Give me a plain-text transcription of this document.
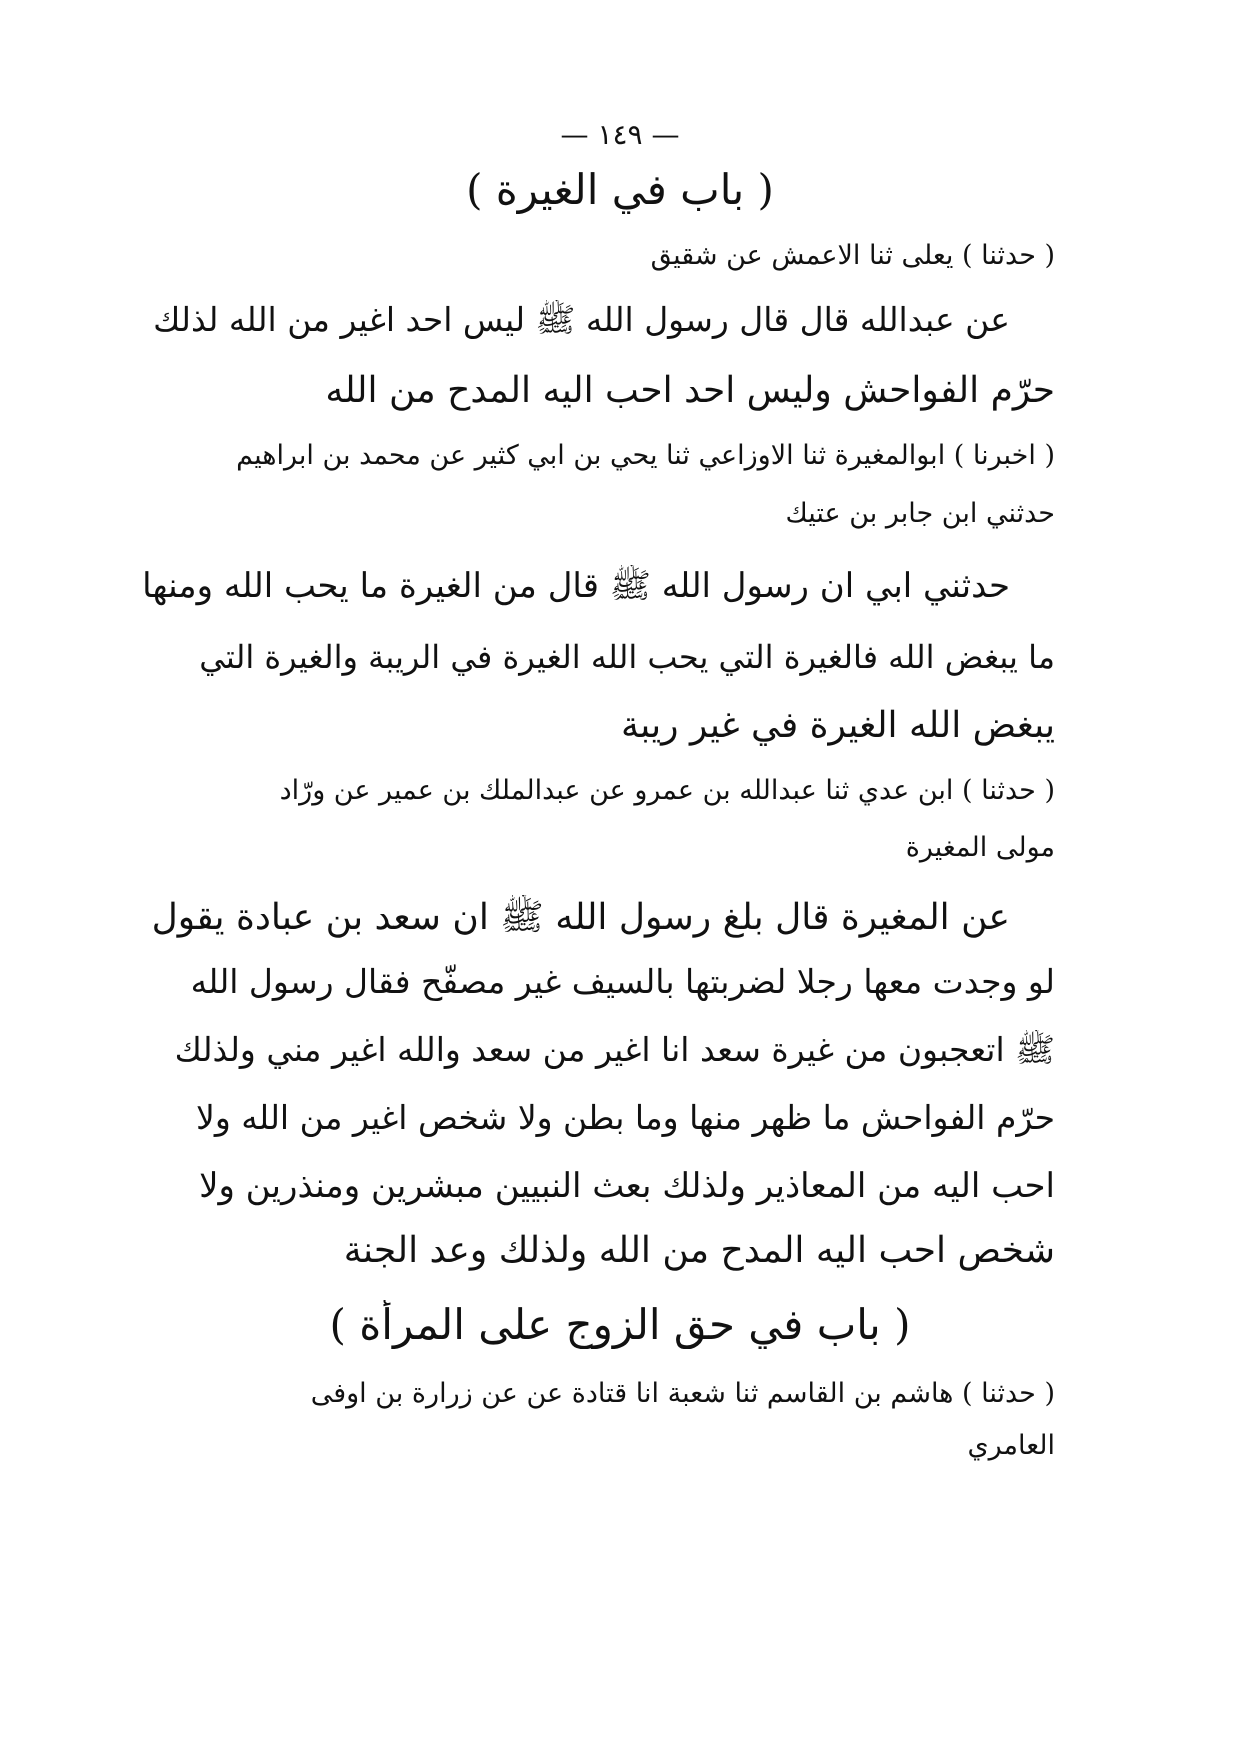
— ١٤٩ —
( باب في الغيرة )
( حدثنا ) يعلى ثنا الاعمش عن شقيق
عن عبدالله قال قال رسول الله ﷺ ليس احد اغير من الله لذلك
حرّم الفواحش وليس احد احب اليه المدح من الله
( اخبرنا ) ابوالمغيرة ثنا الاوزاعي ثنا يحي بن ابي كثير عن محمد بن ابراهيم
حدثني ابن جابر بن عتيك
حدثني ابي ان رسول الله ﷺ قال من الغيرة ما يحب الله ومنها
ما يبغض الله فالغيرة التي يحب الله الغيرة في الريبة والغيرة التي
يبغض الله الغيرة في غير ريبة
( حدثنا ) ابن عدي ثنا عبدالله بن عمرو عن عبدالملك بن عمير عن ورّاد
مولى المغيرة
عن المغيرة قال بلغ رسول الله ﷺ ان سعد بن عبادة يقول
لو وجدت معها رجلا لضربتها بالسيف غير مصفّح فقال رسول الله
ﷺ اتعجبون من غيرة سعد انا اغير من سعد والله اغير مني ولذلك
حرّم الفواحش ما ظهر منها وما بطن ولا شخص اغير من الله ولا
احب اليه من المعاذير ولذلك بعث النبيين مبشرين ومنذرين ولا
شخص احب اليه المدح من الله ولذلك وعد الجنة
( باب في حق الزوج على المرأة )
( حدثنا ) هاشم بن القاسم ثنا شعبة انا قتادة عن عن زرارة بن اوفى
العامري
